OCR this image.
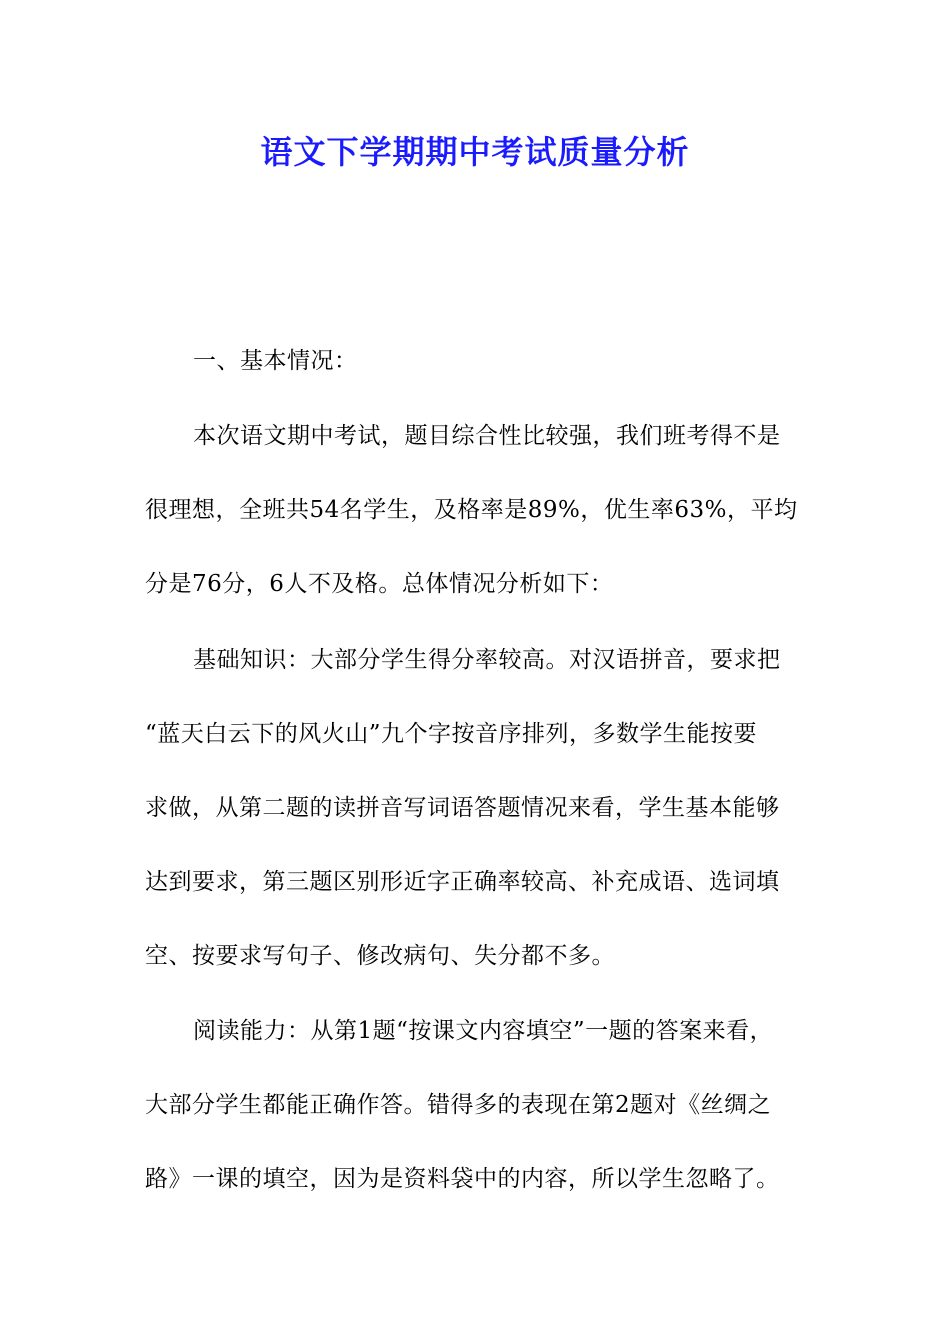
语文下学期期中考试质量分析
一、基本情况：
本次语文期中考试，题目综合性比较强，我们班考得不是
很理想，全班共54名学生，及格率是89%，优生率63%，平均
分是76分，6人不及格。总体情况分析如下：
基础知识：大部分学生得分率较高。对汉语拼音，要求把
“蓝天白云下的风火山”九个字按音序排列，多数学生能按要
求做，从第二题的读拼音写词语答题情况来看，学生基本能够
达到要求，第三题区别形近字正确率较高、补充成语、选词填
空、按要求写句子、修改病句、失分都不多。
阅读能力：从第1题“按课文内容填空”一题的答案来看，
大部分学生都能正确作答。错得多的表现在第2题对《丝绸之
路》一课的填空，因为是资料袋中的内容，所以学生忽略了。
